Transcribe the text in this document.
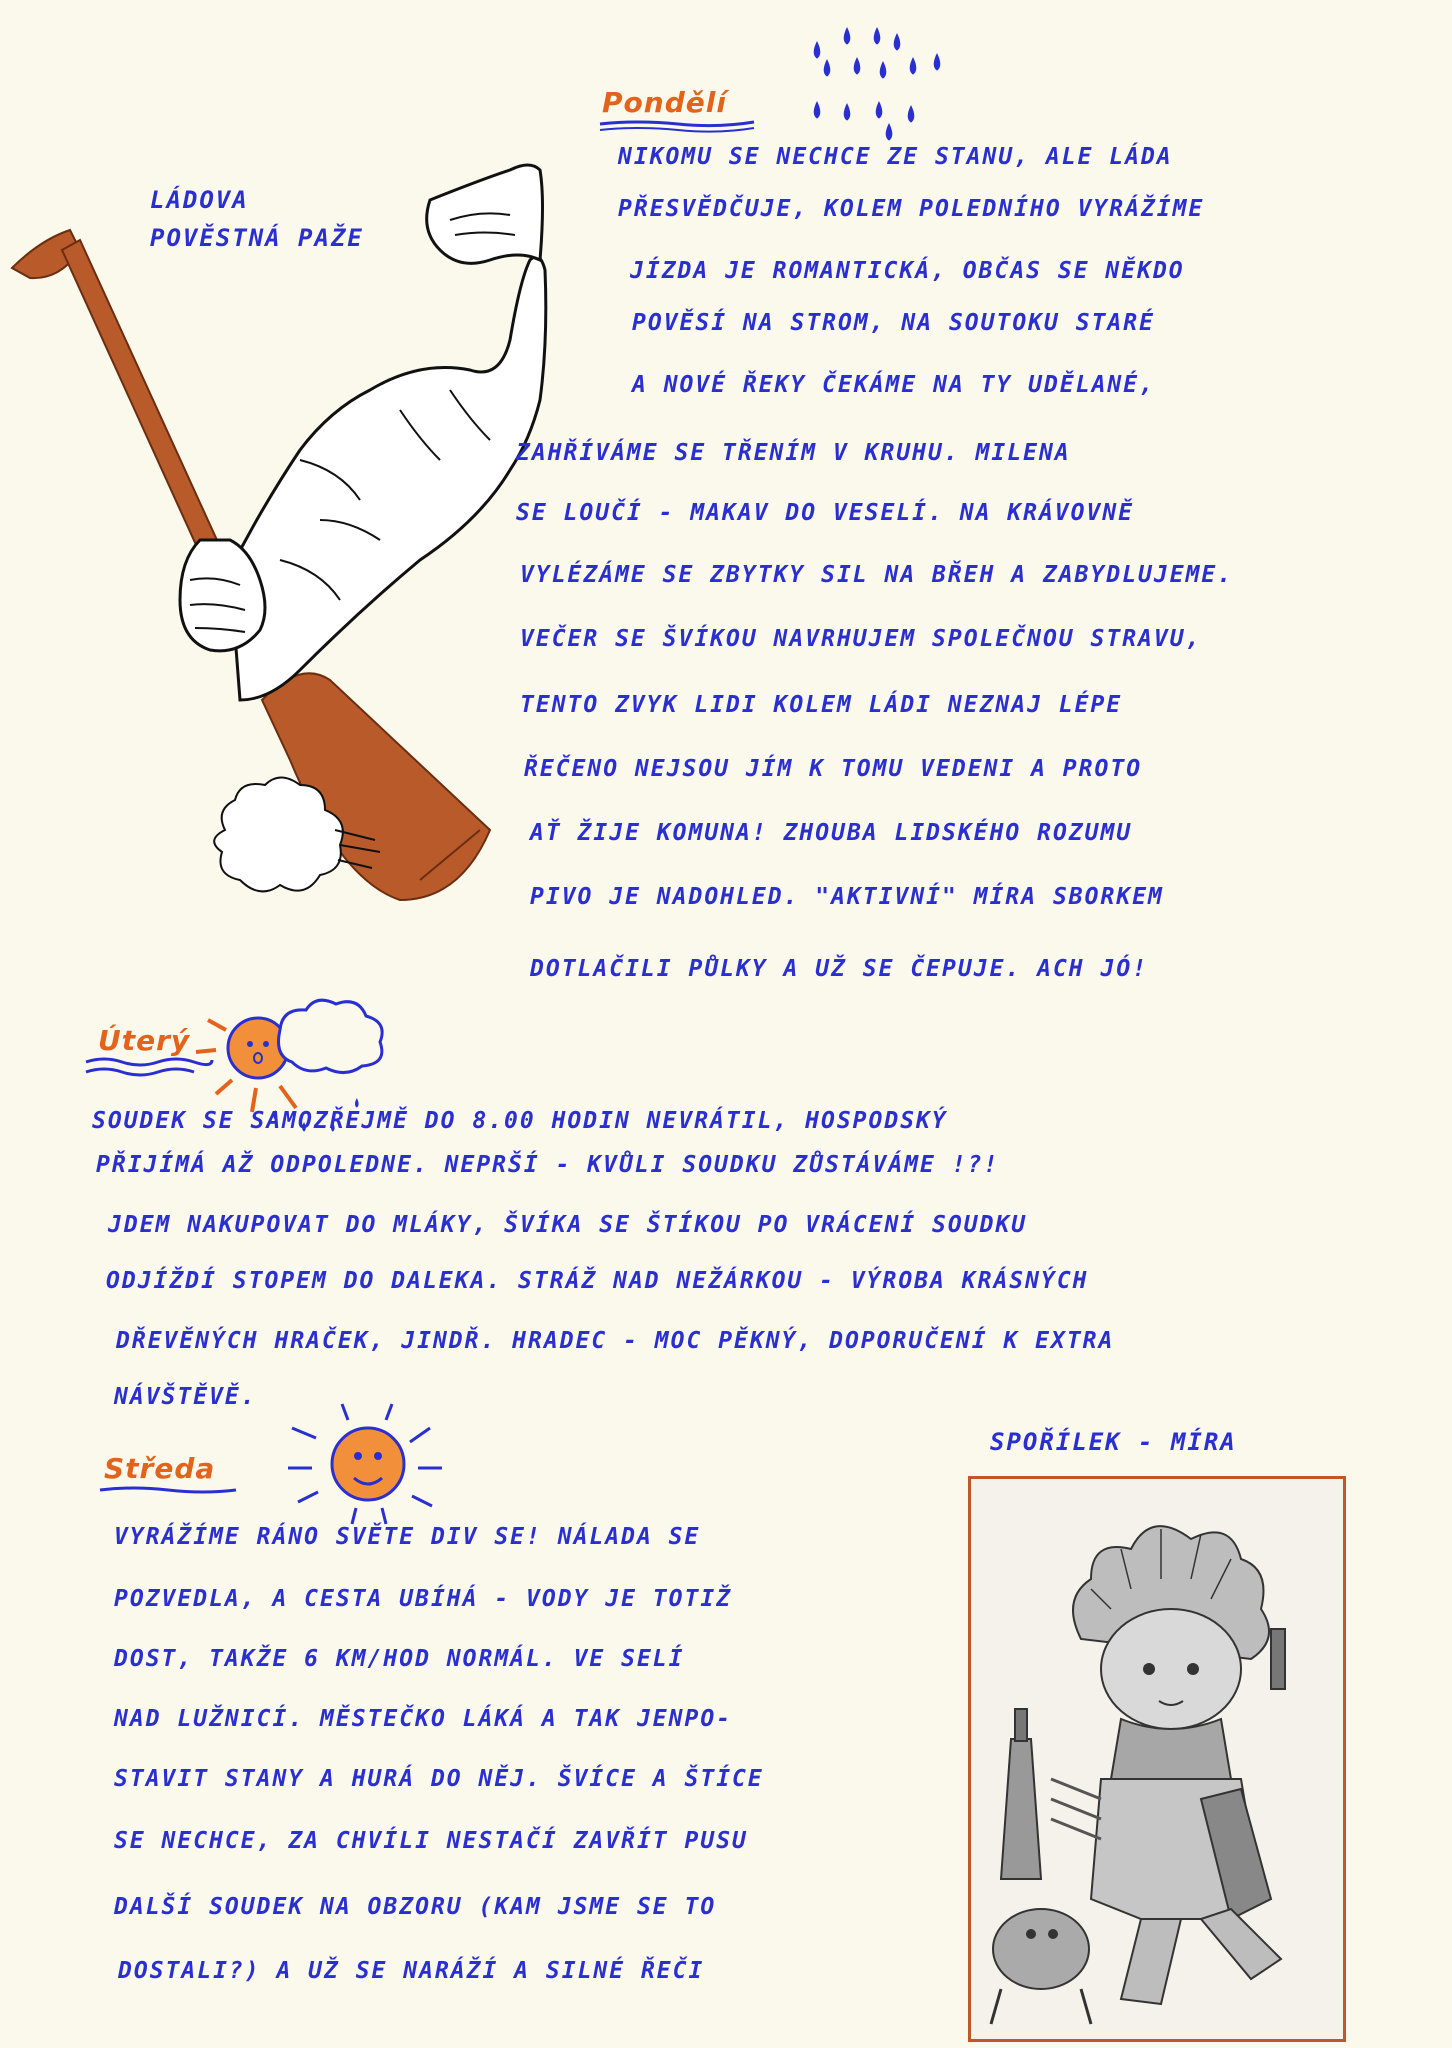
Pondělí
LÁDOVA
POVĚSTNÁ PAŽE
NIKOMU SE NECHCE ZE STANU, ALE LÁDA
PŘESVĚDČUJE, KOLEM POLEDNÍHO VYRÁŽÍME
JÍZDA JE ROMANTICKÁ, OBČAS SE NĚKDO
POVĚSÍ NA STROM, NA SOUTOKU STARÉ
A NOVÉ ŘEKY ČEKÁME NA TY UDĚLANÉ,
ZAHŘÍVÁME SE TŘENÍM V KRUHU. MILENA
SE LOUČÍ - MAKAV DO VESELÍ. NA KRÁVOVNĚ
VYLÉZÁME SE ZBYTKY SIL NA BŘEH A ZABYDLUJEME.
VEČER SE ŠVÍKOU NAVRHUJEM SPOLEČNOU STRAVU,
TENTO ZVYK LIDI KOLEM LÁDI NEZNAJ LÉPE
ŘEČENO NEJSOU JÍM K TOMU VEDENI A PROTO
AŤ ŽIJE KOMUNA! ZHOUBA LIDSKÉHO ROZUMU
PIVO JE NADOHLED. "AKTIVNÍ" MÍRA SBORKEM
DOTLAČILI PŮLKY A UŽ SE ČEPUJE. ACH JÓ!
Úterý
SOUDEK SE SAMOZŘEJMĚ DO 8.00 HODIN NEVRÁTIL, HOSPODSKÝ
PŘIJÍMÁ AŽ ODPOLEDNE. NEPRŠÍ - KVŮLI SOUDKU ZŮSTÁVÁME !?!
JDEM NAKUPOVAT DO MLÁKY, ŠVÍKA SE ŠTÍKOU PO VRÁCENÍ SOUDKU
ODJÍŽDÍ STOPEM DO DALEKA. STRÁŽ NAD NEŽÁRKOU - VÝROBA KRÁSNÝCH
DŘEVĚNÝCH HRAČEK, JINDŘ. HRADEC - MOC PĚKNÝ, DOPORUČENÍ K EXTRA
NÁVŠTĚVĚ.
Středa
VYRÁŽÍME RÁNO SVĚTE DIV SE! NÁLADA SE
POZVEDLA, A CESTA UBÍHÁ - VODY JE TOTIŽ
DOST, TAKŽE 6 KM/HOD NORMÁL. VE SELÍ
NAD LUŽNICÍ. MĚSTEČKO LÁKÁ A TAK JENPO-
STAVIT STANY A HURÁ DO NĚJ. ŠVÍCE A ŠTÍCE
SE NECHCE, ZA CHVÍLI NESTAČÍ ZAVŘÍT PUSU
DALŠÍ SOUDEK NA OBZORU (KAM JSME SE TO
DOSTALI?) A UŽ SE NARÁŽÍ A SILNÉ ŘEČI
SPOŘÍLEK - MÍRA
